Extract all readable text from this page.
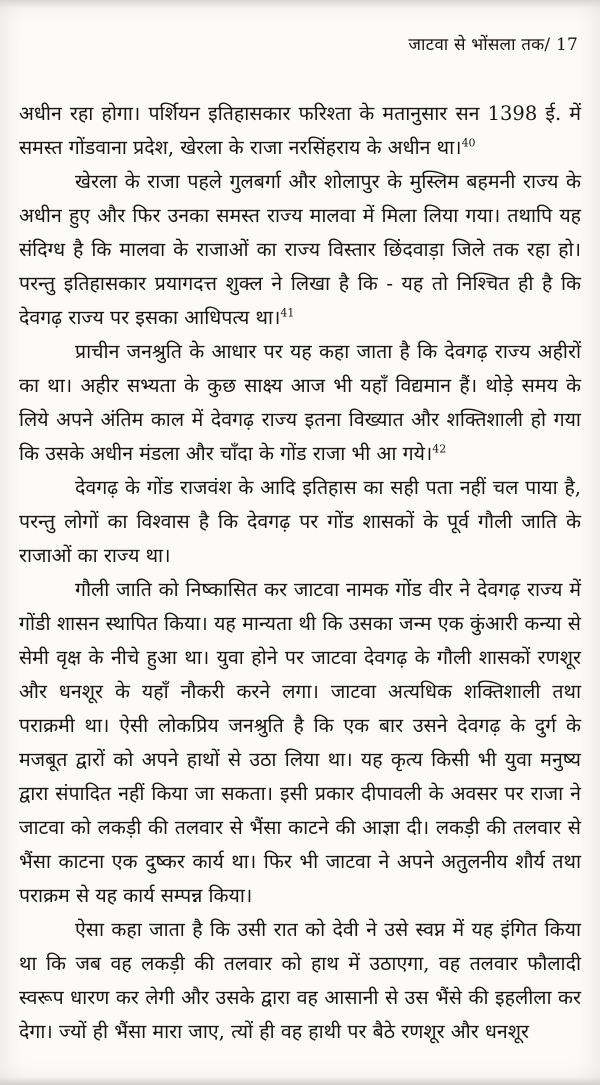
जाटवा से भोंसला तक/ 17

अधीन रहा होगा। पर्शियन इतिहासकार फरिश्ता के मतानुसार सन 1398 ई. में समस्त गोंडवाना प्रदेश, खेरला के राजा नरसिंहराय के अधीन था।$^{40}$

खेरला के राजा पहले गुलबर्गा और शोलापुर के मुस्लिम बहमनी राज्य के अधीन हुए और फिर उनका समस्त राज्य मालवा में मिला लिया गया। तथापि यह संदिग्ध है कि मालवा के राजाओं का राज्य विस्तार छिंदवाड़ा जिले तक रहा हो। परन्तु इतिहासकार प्रयागदत्त शुक्ल ने लिखा है कि - यह तो निश्चित ही है कि देवगढ़ राज्य पर इसका आधिपत्य था।$^{41}$

प्राचीन जनश्रुति के आधार पर यह कहा जाता है कि देवगढ़ राज्य अहीरों का था। अहीर सभ्यता के कुछ साक्ष्य आज भी यहाँ विद्यमान हैं। थोड़े समय के लिये अपने अंतिम काल में देवगढ़ राज्य इतना विख्यात और शक्तिशाली हो गया कि उसके अधीन मंडला और चाँदा के गोंड राजा भी आ गये।$^{42}$

देवगढ़ के गोंड राजवंश के आदि इतिहास का सही पता नहीं चल पाया है, परन्तु लोगों का विश्वास है कि देवगढ़ पर गोंड शासकों के पूर्व गौली जाति के राजाओं का राज्य था।

गौली जाति को निष्कासित कर जाटवा नामक गोंड वीर ने देवगढ़ राज्य में गोंडी शासन स्थापित किया। यह मान्यता थी कि उसका जन्म एक कुंआरी कन्या से सेमी वृक्ष के नीचे हुआ था। युवा होने पर जाटवा देवगढ़ के गौली शासकों रणशूर और धनशूर के यहाँ नौकरी करने लगा। जाटवा अत्यधिक शक्तिशाली तथा पराक्रमी था। ऐसी लोकप्रिय जनश्रुति है कि एक बार उसने देवगढ़ के दुर्ग के मजबूत द्वारों को अपने हाथों से उठा लिया था। यह कृत्य किसी भी युवा मनुष्य द्वारा संपादित नहीं किया जा सकता। इसी प्रकार दीपावली के अवसर पर राजा ने जाटवा को लकड़ी की तलवार से भैंसा काटने की आज्ञा दी। लकड़ी की तलवार से भैंसा काटना एक दुष्कर कार्य था। फिर भी जाटवा ने अपने अतुलनीय शौर्य तथा पराक्रम से यह कार्य सम्पन्न किया।

ऐसा कहा जाता है कि उसी रात को देवी ने उसे स्वप्न में यह इंगित किया था कि जब वह लकड़ी की तलवार को हाथ में उठाएगा, वह तलवार फौलादी स्वरूप धारण कर लेगी और उसके द्वारा वह आसानी से उस भैंसे की इहलीला कर देगा। ज्यों ही भैंसा मारा जाए, त्यों ही वह हाथी पर बैठे रणशूर और धनशूर
